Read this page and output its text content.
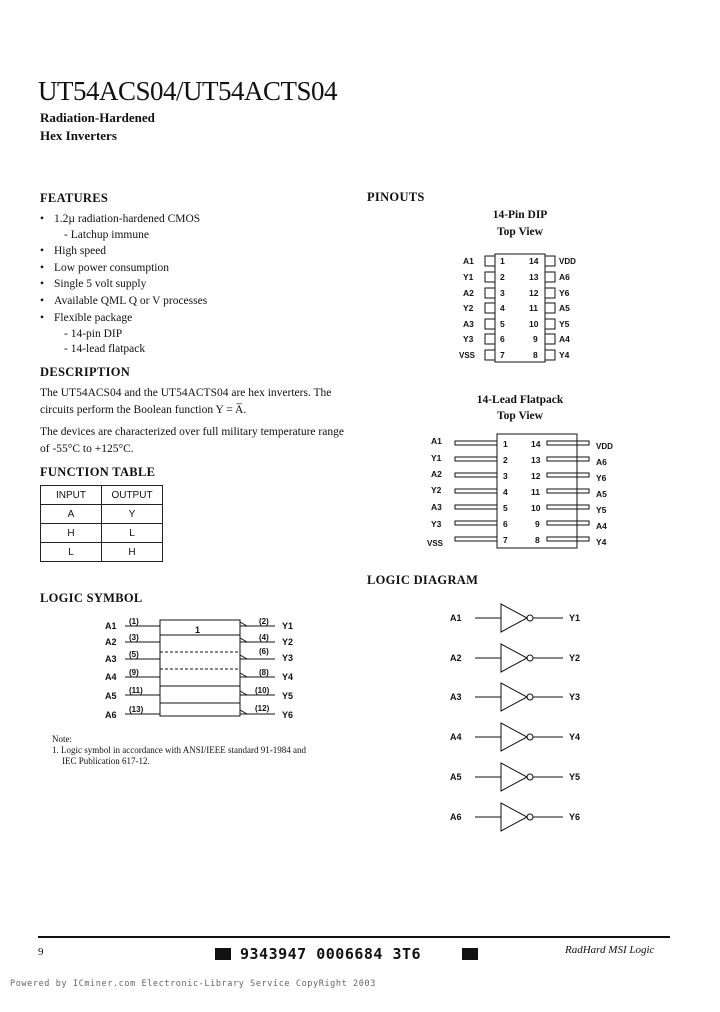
UT54ACS04/UT54ACTS04
Radiation-Hardened
Hex Inverters
FEATURES
• 1.2µ radiation-hardened CMOS
- Latchup immune
• High speed
• Low power consumption
• Single 5 volt supply
• Available QML Q or V processes
• Flexible package
- 14-pin DIP
- 14-lead flatpack
DESCRIPTION
The UT54ACS04 and the UT54ACTS04 are hex inverters. The circuits perform the Boolean function Y = A̅.
The devices are characterized over full military temperature range of -55°C to +125°C.
FUNCTION TABLE
INPUT	OUTPUT
A	Y
H	L
L	H
LOGIC SYMBOL
1
A1 (1)
A2 (3)
A3 (5)
A4 (9)
A5
(11)
A6
(13)
(2) Y1
(4) Y2
(6)
Y3
(8) Y4
(10)
Y5
(12)
Y6
Note:
1. Logic symbol in accordance with ANSI/IEEE standard 91-1984 and
IEC Publication 617-12.
PINOUTS
14-Pin DIP
Top View
A1	1
Y1	2
A2	3
Y2	4
A3	5
Y3	6
VSS	7
14	VDD
13 A6
12 Y6
11 A5
10 Y5
9	A4
8	Y4
14-Lead Flatpack
Top View
A1	1
Y1	2
A2	3
Y2	4
A3	5
Y3	6
VSS	7
14	VDD
13	A6
12	Y6
11	A5
10	Y5
9	A4
8	Y4
LOGIC DIAGRAM
A1	Y1
A2	Y2
A3	Y3
A4	Y4
A5	Y5
A6	Y6
9	9343947 0006684 3T6	RadHard MSI Logic
Powered by ICminer.com Electronic-Library Service CopyRight 2003
